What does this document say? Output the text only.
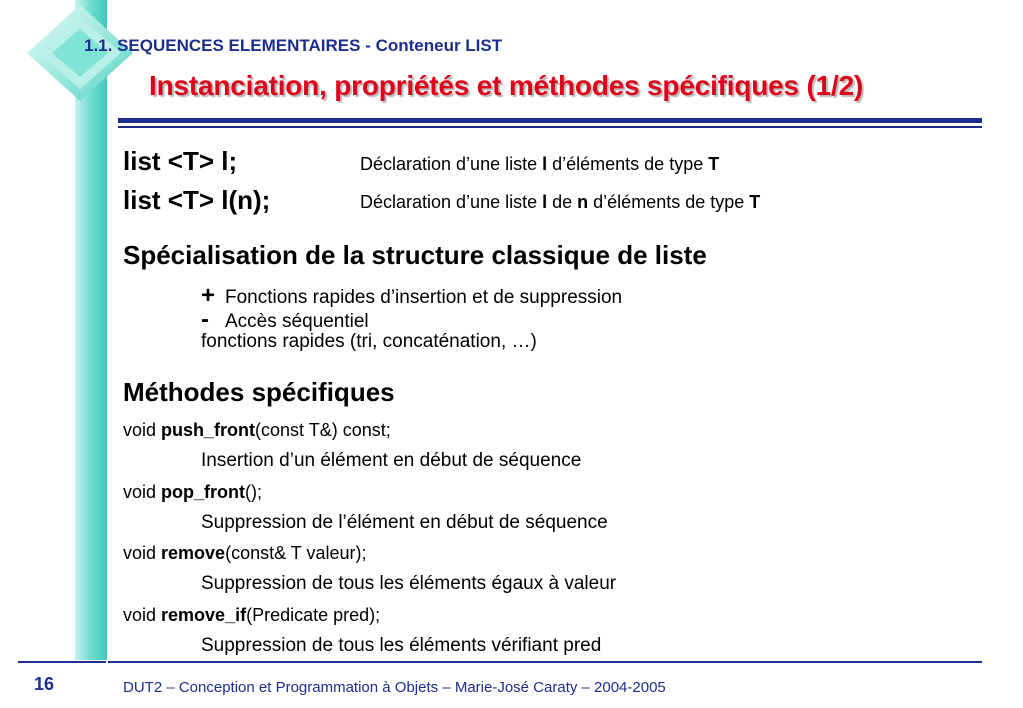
1.1. SEQUENCES ELEMENTAIRES - Conteneur LIST
Instanciation, propriétés et méthodes spécifiques (1/2)
list <T> l;	Déclaration d’une liste l d’éléments de type T
list <T> l(n);	Déclaration d’une liste l de n d’éléments de type T
Spécialisation de la structure classique de liste
+ Fonctions rapides d’insertion et de suppression
- Accès séquentiel
fonctions rapides (tri, concaténation, …)
Méthodes spécifiques
void push_front(const T&) const;
Insertion d’un élément en début de séquence
void pop_front();
Suppression de l’élément en début de séquence
void remove(const& T valeur);
Suppression de tous les éléments égaux à valeur
void remove_if(Predicate pred);
Suppression de tous les éléments vérifiant pred
16	DUT2 – Conception et Programmation à Objets – Marie-José Caraty – 2004-2005
